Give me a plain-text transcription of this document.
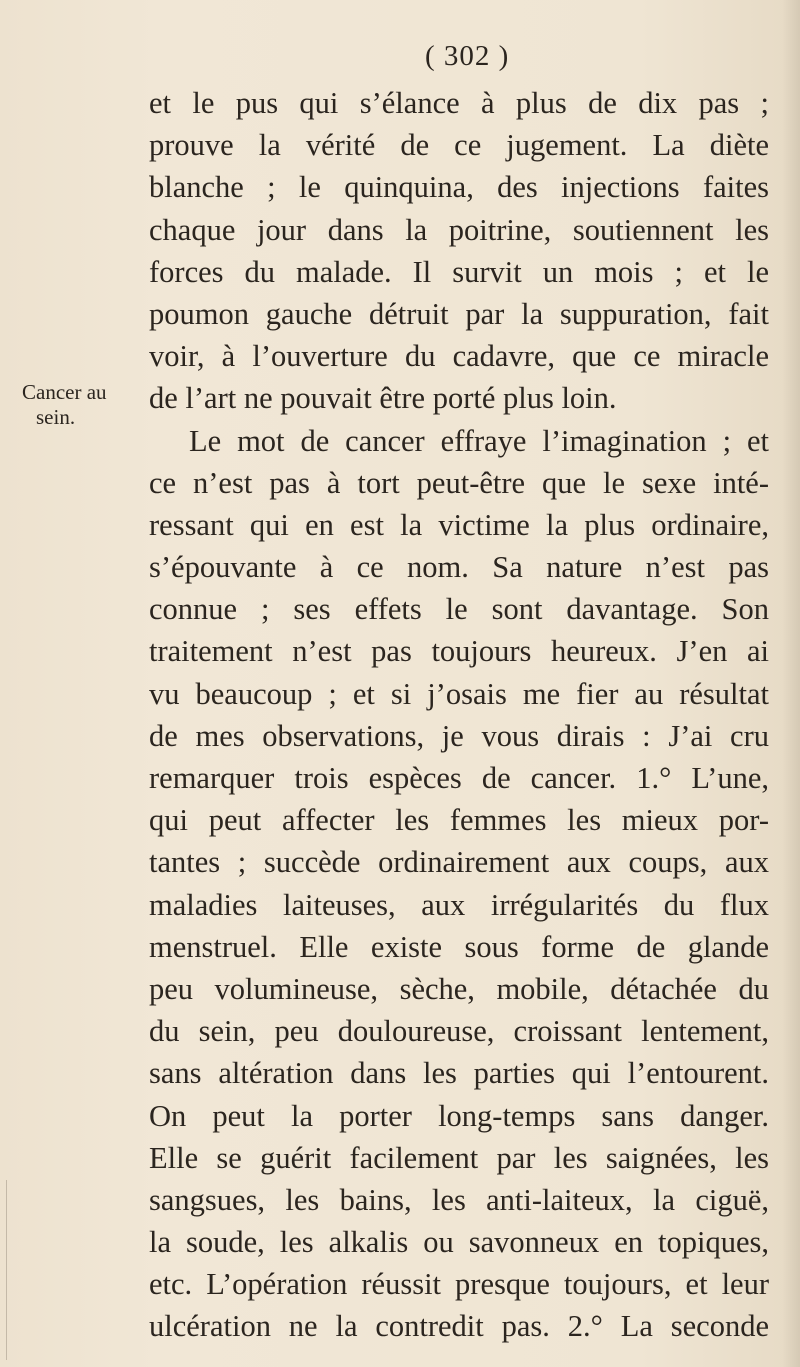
( 302 )
Cancer au
sein.
et le pus qui s’élance à plus de dix pas ;
prouve la vérité de ce jugement. La diète
blanche ; le quinquina, des injections faites
chaque jour dans la poitrine, soutiennent les
forces du malade. Il survit un mois ; et le
poumon gauche détruit par la suppuration, fait
voir, à l’ouverture du cadavre, que ce miracle
de l’art ne pouvait être porté plus loin.
Le mot de cancer effraye l’imagination ; et
ce n’est pas à tort peut-être que le sexe inté-
ressant qui en est la victime la plus ordinaire,
s’épouvante à ce nom. Sa nature n’est pas
connue ; ses effets le sont davantage. Son
traitement n’est pas toujours heureux. J’en ai
vu beaucoup ; et si j’osais me fier au résultat
de mes observations, je vous dirais : J’ai cru
remarquer trois espèces de cancer. 1.° L’une,
qui peut affecter les femmes les mieux por-
tantes ; succède ordinairement aux coups, aux
maladies laiteuses, aux irrégularités du flux
menstruel. Elle existe sous forme de glande
peu volumineuse, sèche, mobile, détachée du
du sein, peu douloureuse, croissant lentement,
sans altération dans les parties qui l’entourent.
On peut la porter long-temps sans danger.
Elle se guérit facilement par les saignées, les
sangsues, les bains, les anti-laiteux, la ciguë,
la soude, les alkalis ou savonneux en topiques,
etc. L’opération réussit presque toujours, et leur
ulcération ne la contredit pas. 2.° La seconde
